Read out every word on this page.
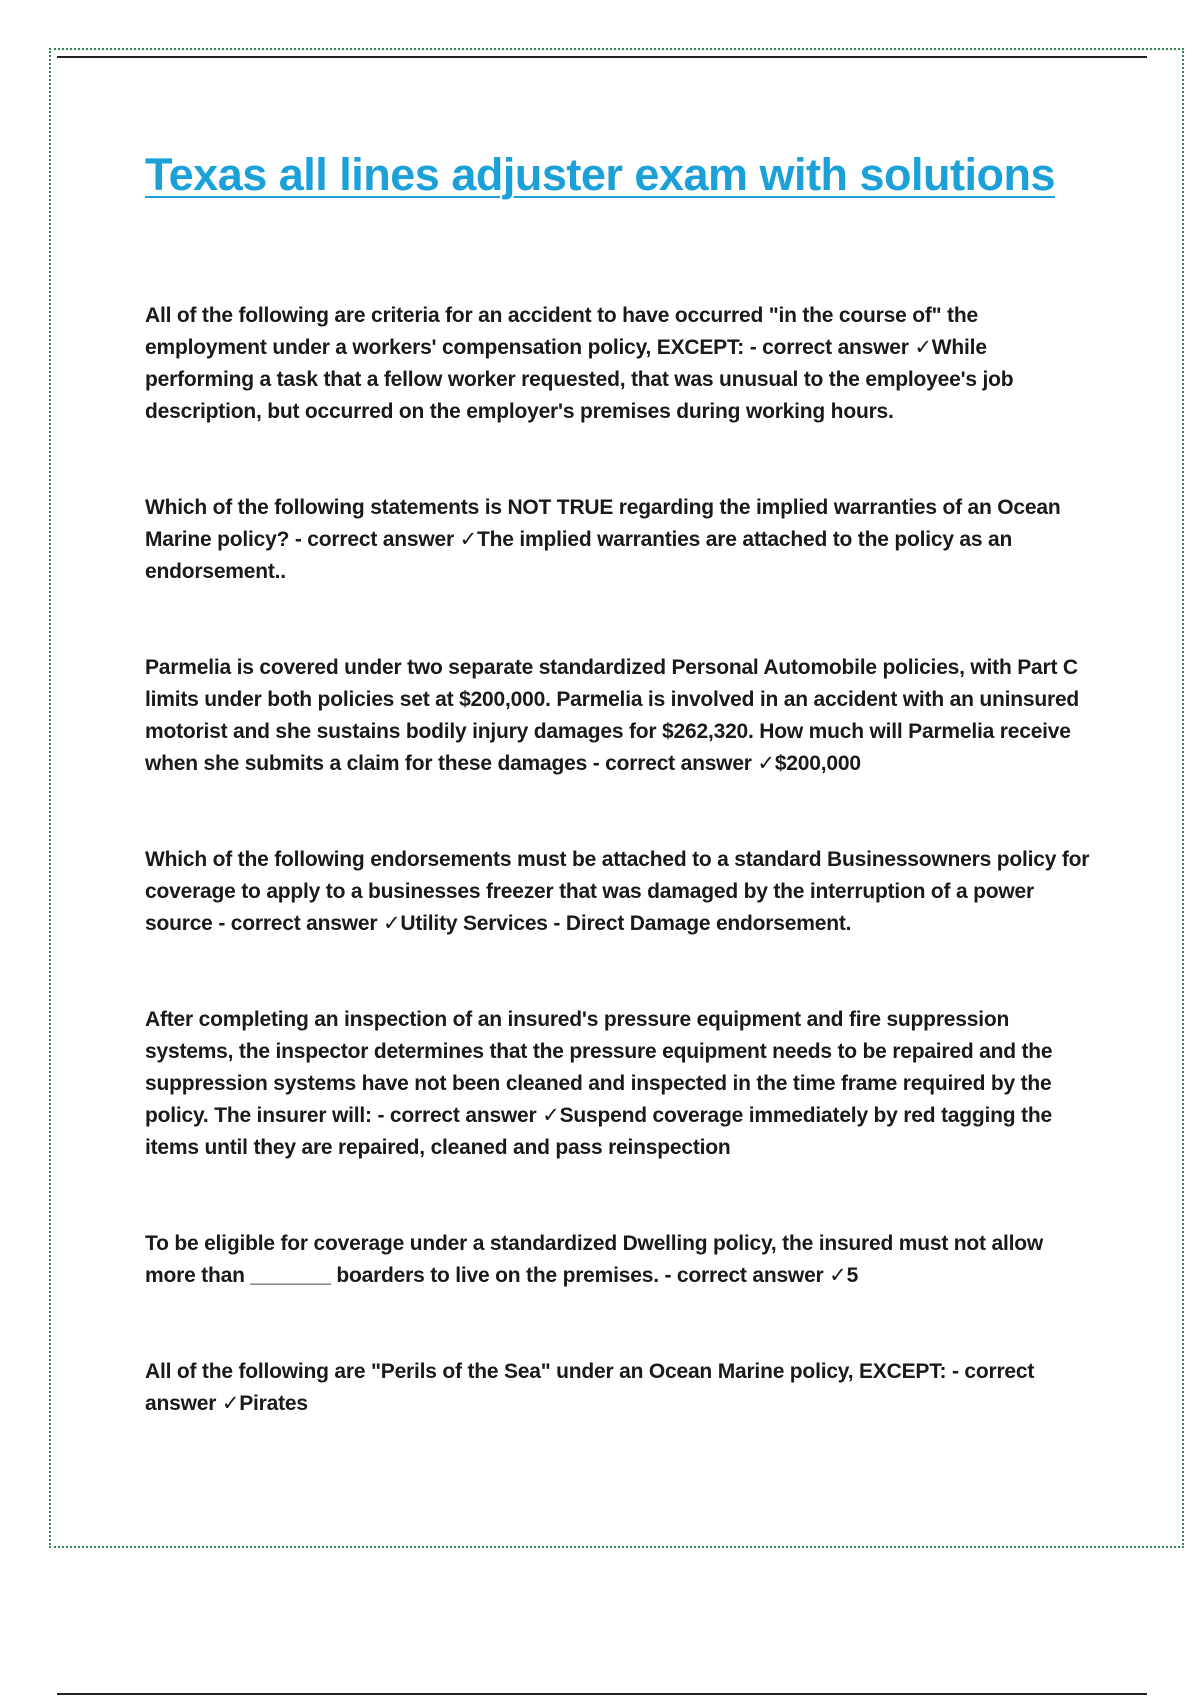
Texas all lines adjuster exam with solutions

All of the following are criteria for an accident to have occurred "in the course of" the employment under a workers' compensation policy, EXCEPT: - correct answer ✓While performing a task that a fellow worker requested, that was unusual to the employee's job description, but occurred on the employer's premises during working hours.

Which of the following statements is NOT TRUE regarding the implied warranties of an Ocean Marine policy? - correct answer ✓The implied warranties are attached to the policy as an endorsement..

Parmelia is covered under two separate standardized Personal Automobile policies, with Part C limits under both policies set at $200,000. Parmelia is involved in an accident with an uninsured motorist and she sustains bodily injury damages for $262,320. How much will Parmelia receive when she submits a claim for these damages - correct answer ✓$200,000

Which of the following endorsements must be attached to a standard Businessowners policy for coverage to apply to a businesses freezer that was damaged by the interruption of a power source - correct answer ✓Utility Services - Direct Damage endorsement.

After completing an inspection of an insured's pressure equipment and fire suppression systems, the inspector determines that the pressure equipment needs to be repaired and the suppression systems have not been cleaned and inspected in the time frame required by the policy. The insurer will: - correct answer ✓Suspend coverage immediately by red tagging the items until they are repaired, cleaned and pass reinspection

To be eligible for coverage under a standardized Dwelling policy, the insured must not allow more than _______ boarders to live on the premises. - correct answer ✓5

All of the following are "Perils of the Sea" under an Ocean Marine policy, EXCEPT: - correct answer ✓Pirates
